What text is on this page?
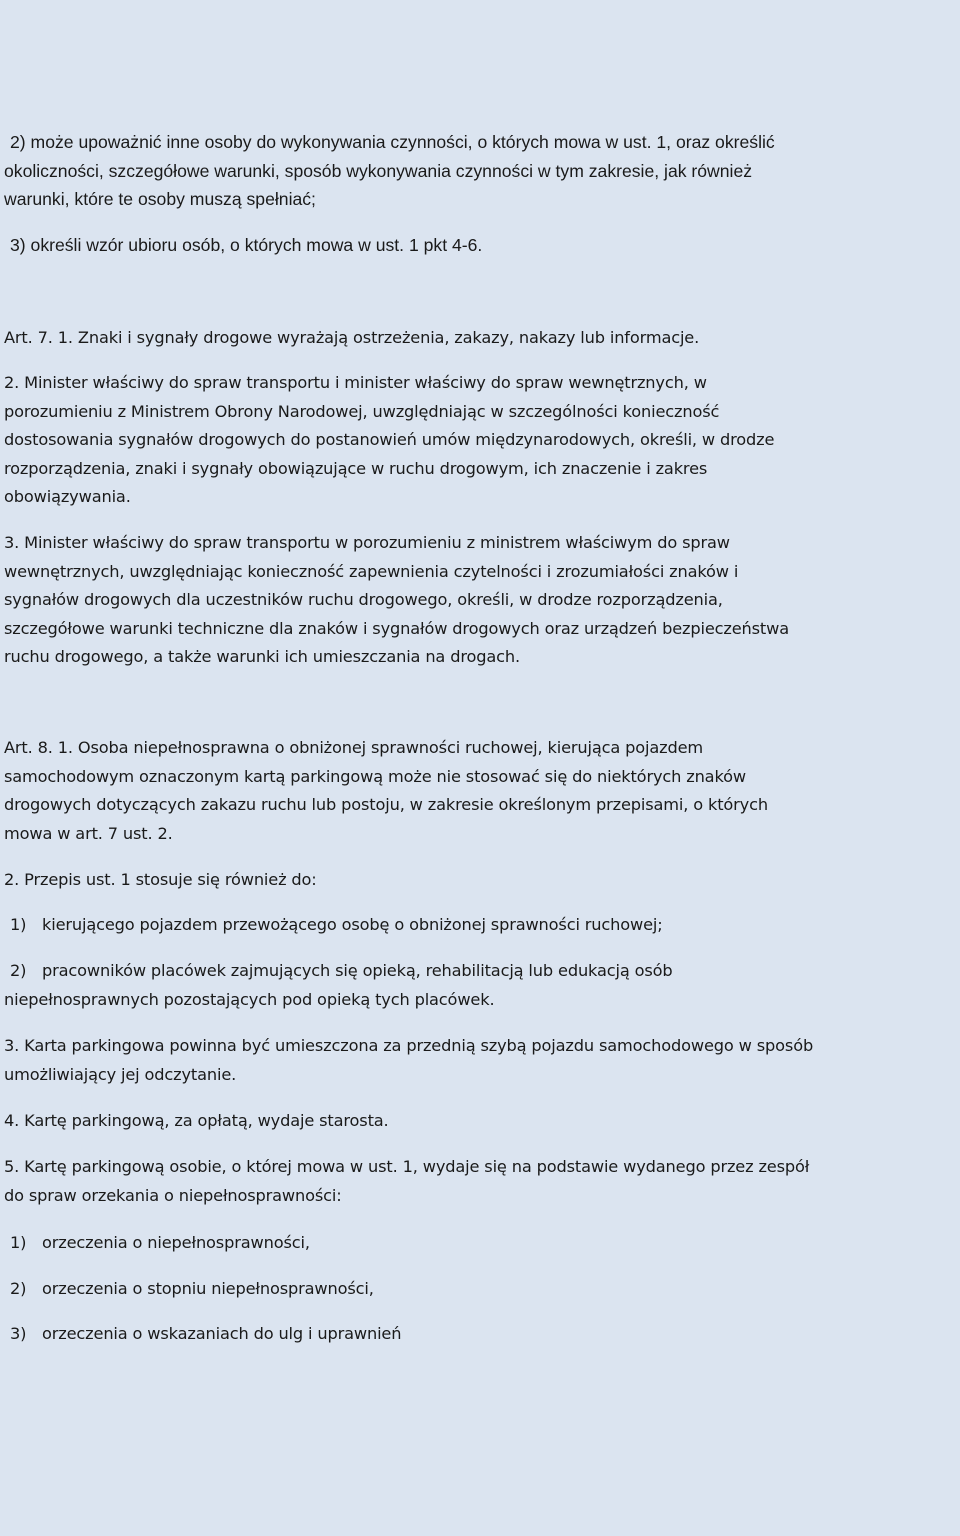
2) może upoważnić inne osoby do wykonywania czynności, o których mowa w ust. 1, oraz określić
okoliczności, szczegółowe warunki, sposób wykonywania czynności w tym zakresie, jak również
warunki, które te osoby muszą spełniać;
3) określi wzór ubioru osób, o których mowa w ust. 1 pkt 4-6.
Art. 7. 1. Znaki i sygnały drogowe wyrażają ostrzeżenia, zakazy, nakazy lub informacje.
2. Minister właściwy do spraw transportu i minister właściwy do spraw wewnętrznych, w
porozumieniu z Ministrem Obrony Narodowej, uwzględniając w szczególności konieczność
dostosowania sygnałów drogowych do postanowień umów międzynarodowych, określi, w drodze
rozporządzenia, znaki i sygnały obowiązujące w ruchu drogowym, ich znaczenie i zakres
obowiązywania.
3. Minister właściwy do spraw transportu w porozumieniu z ministrem właściwym do spraw
wewnętrznych, uwzględniając konieczność zapewnienia czytelności i zrozumiałości znaków i
sygnałów drogowych dla uczestników ruchu drogowego, określi, w drodze rozporządzenia,
szczegółowe warunki techniczne dla znaków i sygnałów drogowych oraz urządzeń bezpieczeństwa
ruchu drogowego, a także warunki ich umieszczania na drogach.
Art. 8. 1. Osoba niepełnosprawna o obniżonej sprawności ruchowej, kierująca pojazdem
samochodowym oznaczonym kartą parkingową może nie stosować się do niektórych znaków
drogowych dotyczących zakazu ruchu lub postoju, w zakresie określonym przepisami, o których
mowa w art. 7 ust. 2.
2. Przepis ust. 1 stosuje się również do:
1) kierującego pojazdem przewożącego osobę o obniżonej sprawności ruchowej;
2) pracowników placówek zajmujących się opieką, rehabilitacją lub edukacją osób
niepełnosprawnych pozostających pod opieką tych placówek.
3. Karta parkingowa powinna być umieszczona za przednią szybą pojazdu samochodowego w sposób
umożliwiający jej odczytanie.
4. Kartę parkingową, za opłatą, wydaje starosta.
5. Kartę parkingową osobie, o której mowa w ust. 1, wydaje się na podstawie wydanego przez zespół
do spraw orzekania o niepełnosprawności:
1) orzeczenia o niepełnosprawności,
2) orzeczenia o stopniu niepełnosprawności,
3) orzeczenia o wskazaniach do ulg i uprawnień
